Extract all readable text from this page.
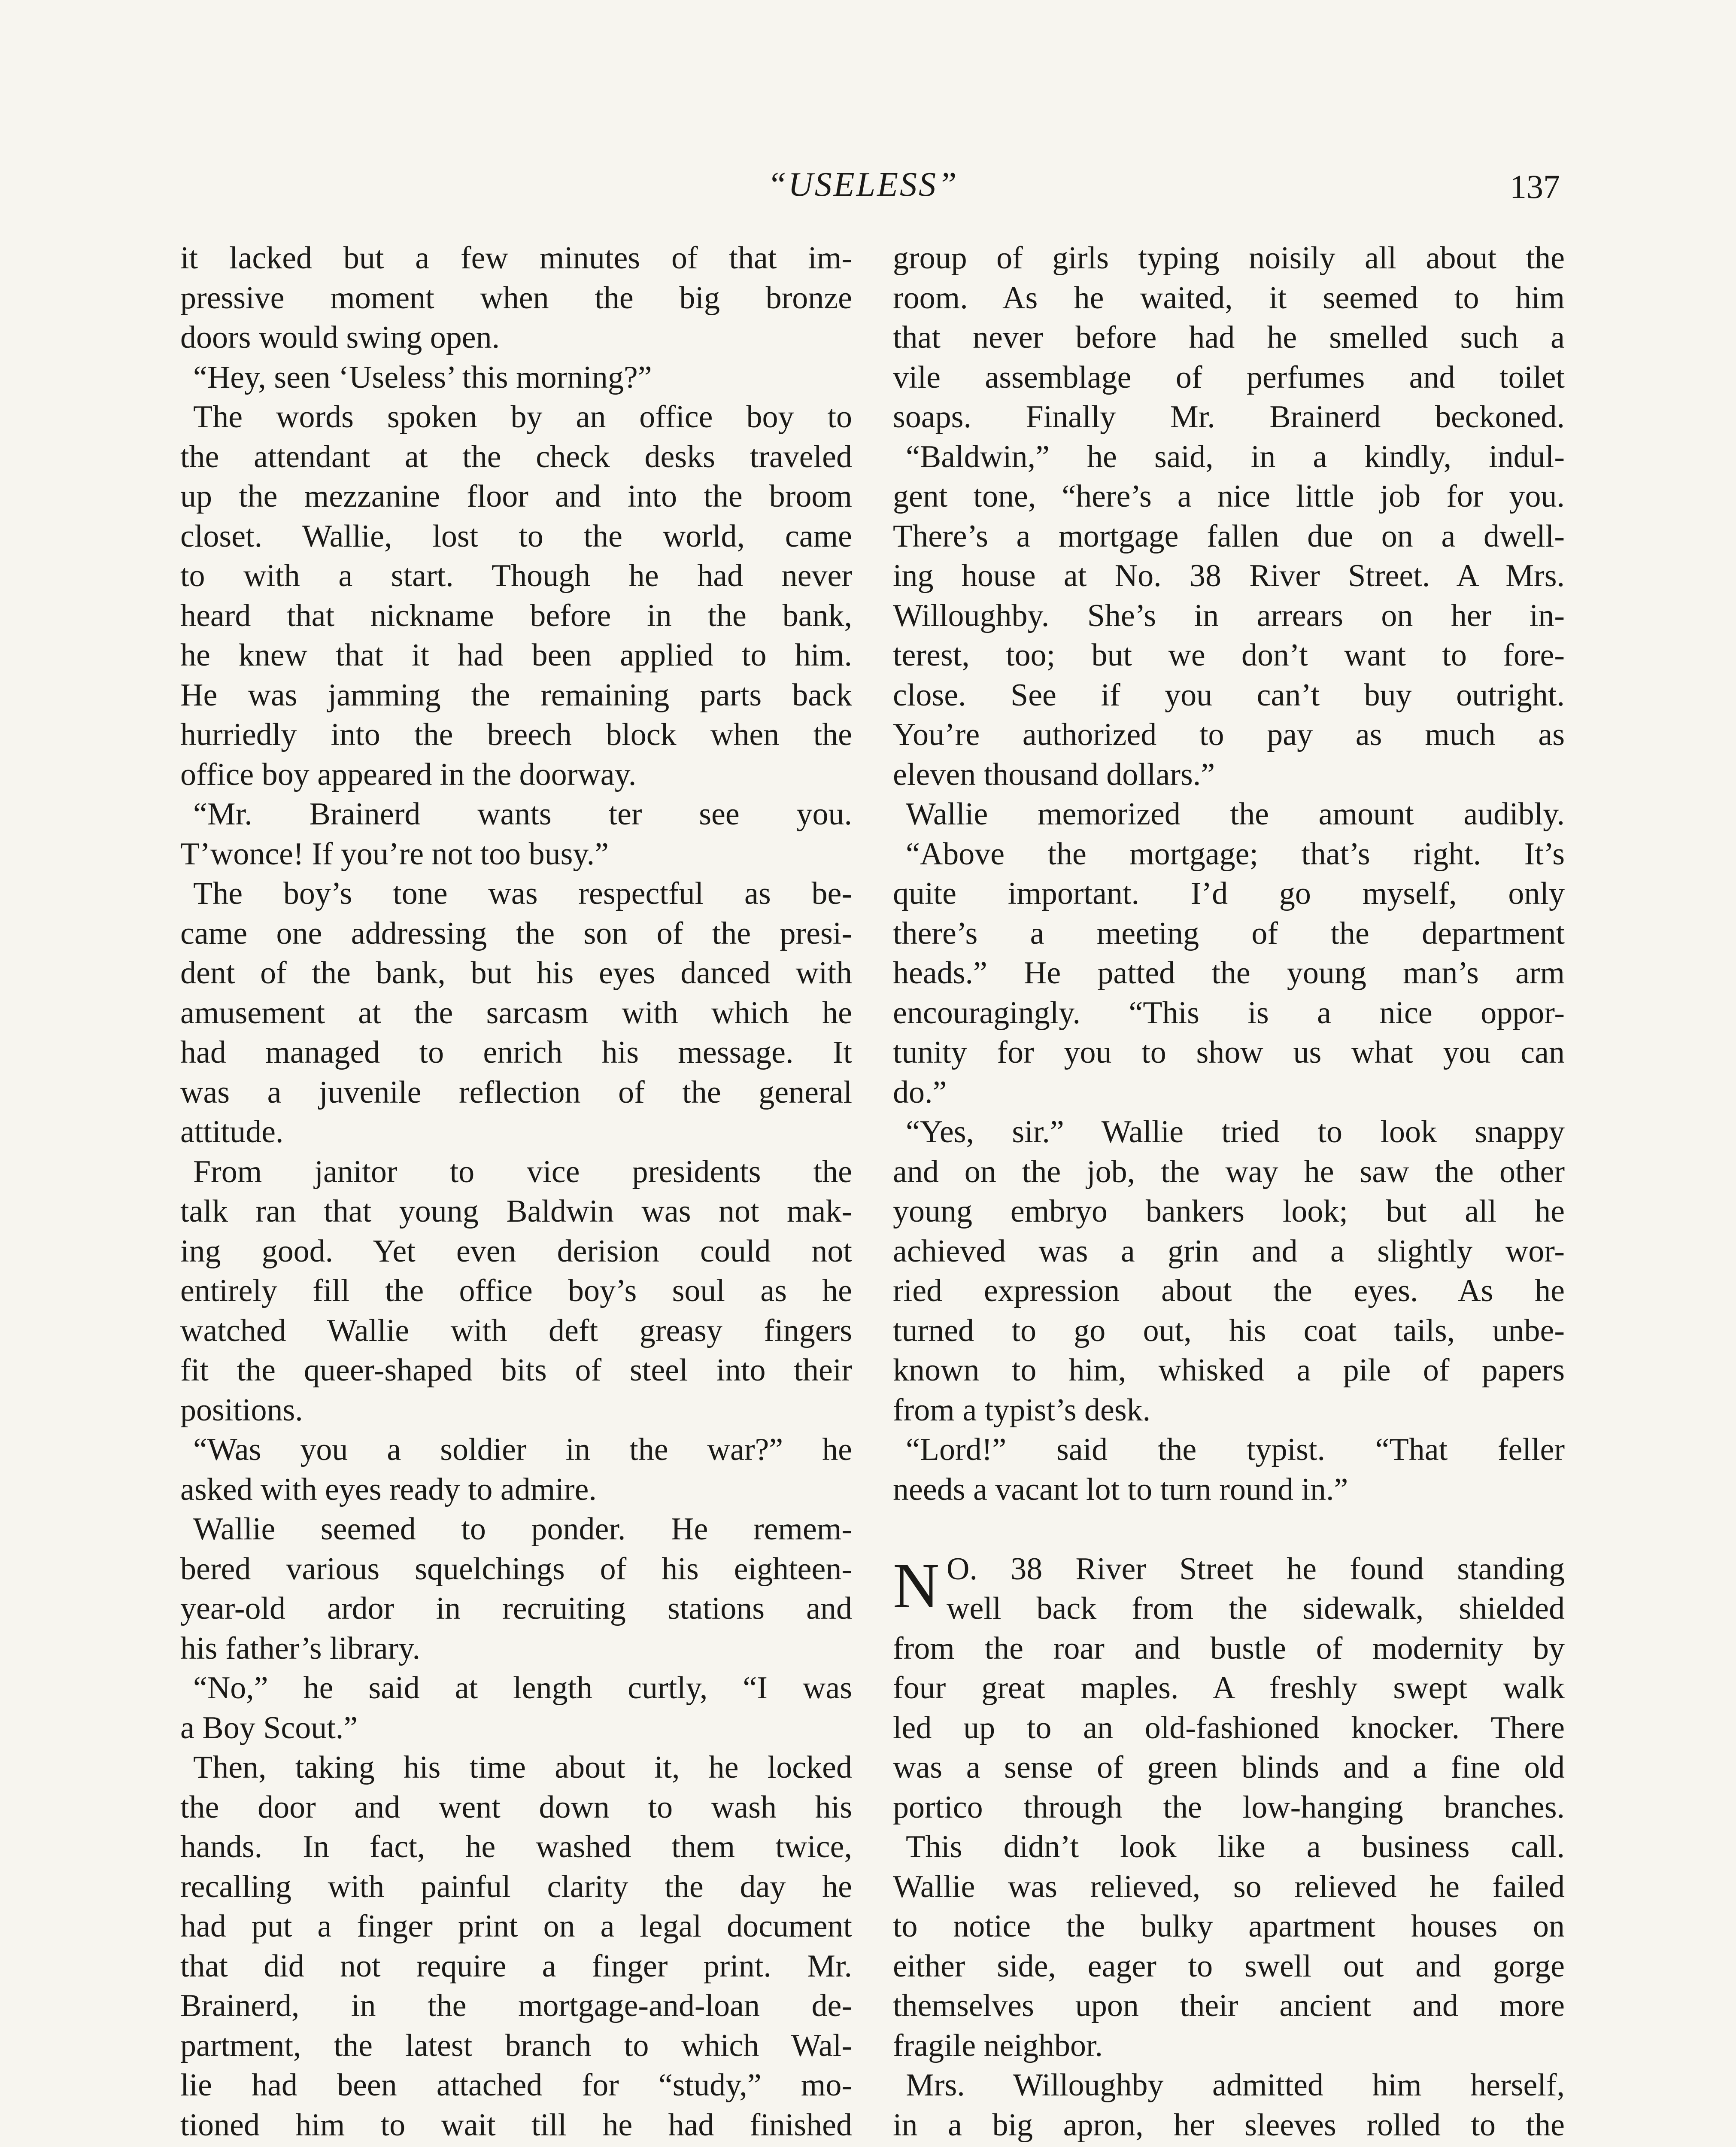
“USELESS”	137
it lacked but a few minutes of that im-
pressive moment when the big bronze
doors would swing open.
“Hey, seen ‘Useless’ this morning?”
The words spoken by an office boy to
the attendant at the check desks traveled
up the mezzanine floor and into the broom
closet. Wallie, lost to the world, came
to with a start. Though he had never
heard that nickname before in the bank,
he knew that it had been applied to him.
He was jamming the remaining parts back
hurriedly into the breech block when the
office boy appeared in the doorway.
“Mr. Brainerd wants ter see you.
T’wonce! If you’re not too busy.”
The boy’s tone was respectful as be-
came one addressing the son of the presi-
dent of the bank, but his eyes danced with
amusement at the sarcasm with which he
had managed to enrich his message. It
was a juvenile reflection of the general
attitude.
From janitor to vice presidents the
talk ran that young Baldwin was not mak-
ing good. Yet even derision could not
entirely fill the office boy’s soul as he
watched Wallie with deft greasy fingers
fit the queer-shaped bits of steel into their
positions.
“Was you a soldier in the war?” he
asked with eyes ready to admire.
Wallie seemed to ponder. He remem-
bered various squelchings of his eighteen-
year-old ardor in recruiting stations and
his father’s library.
“No,” he said at length curtly, “I was
a Boy Scout.”
Then, taking his time about it, he locked
the door and went down to wash his
hands. In fact, he washed them twice,
recalling with painful clarity the day he
had put a finger print on a legal document
that did not require a finger print. Mr.
Brainerd, in the mortgage-and-loan de-
partment, the latest branch to which Wal-
lie had been attached for “study,” mo-
tioned him to wait till he had finished
group of girls typing noisily all about the
room. As he waited, it seemed to him
that never before had he smelled such a
vile assemblage of perfumes and toilet
soaps. Finally Mr. Brainerd beckoned.
“Baldwin,” he said, in a kindly, indul-
gent tone, “here’s a nice little job for you.
There’s a mortgage fallen due on a dwell-
ing house at No. 38 River Street. A Mrs.
Willoughby. She’s in arrears on her in-
terest, too; but we don’t want to fore-
close. See if you can’t buy outright.
You’re authorized to pay as much as
eleven thousand dollars.”
Wallie memorized the amount audibly.
“Above the mortgage; that’s right. It’s
quite important. I’d go myself, only
there’s a meeting of the department
heads.” He patted the young man’s arm
encouragingly. “This is a nice oppor-
tunity for you to show us what you can
do.”
“Yes, sir.” Wallie tried to look snappy
and on the job, the way he saw the other
young embryo bankers look; but all he
achieved was a grin and a slightly wor-
ried expression about the eyes. As he
turned to go out, his coat tails, unbe-
known to him, whisked a pile of papers
from a typist’s desk.
“Lord!” said the typist. “That feller
needs a vacant lot to turn round in.”
N O. 38 River Street he found standing
well back from the sidewalk, shielded
from the roar and bustle of modernity by
four great maples. A freshly swept walk
led up to an old-fashioned knocker. There
was a sense of green blinds and a fine old
portico through the low-hanging branches.
This didn’t look like a business call.
Wallie was relieved, so relieved he failed
to notice the bulky apartment houses on
either side, eager to swell out and gorge
themselves upon their ancient and more
fragile neighbor.
Mrs. Willoughby admitted him herself,
in a big apron, her sleeves rolled to the
